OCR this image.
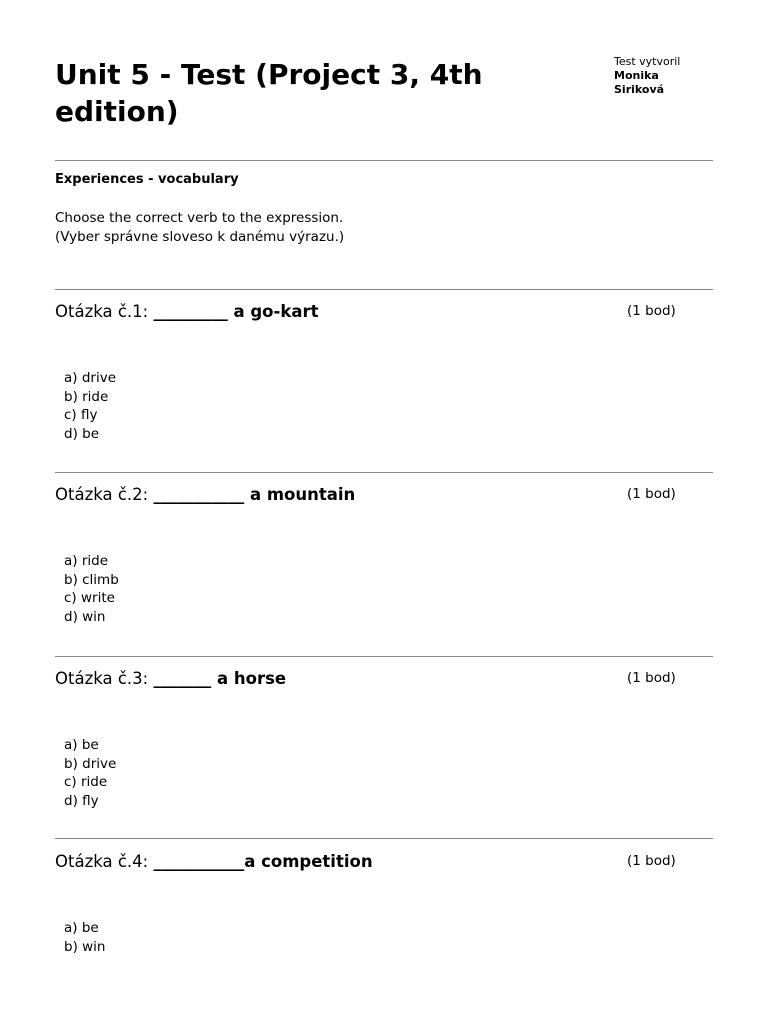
Unit 5 - Test (Project 3, 4th edition)
Test vytvoril
Monika
Siriková
Experiences - vocabulary
Choose the correct verb to the expression.
(Vyber správne sloveso k danému výrazu.)
Otázka č.1: _________ a go-kart	(1 bod)
a) drive
b) ride
c) fly
d) be
Otázka č.2: ___________ a mountain	(1 bod)
a) ride
b) climb
c) write
d) win
Otázka č.3: _______ a horse	(1 bod)
a) be
b) drive
c) ride
d) fly
Otázka č.4: ___________a competition	(1 bod)
a) be
b) win
